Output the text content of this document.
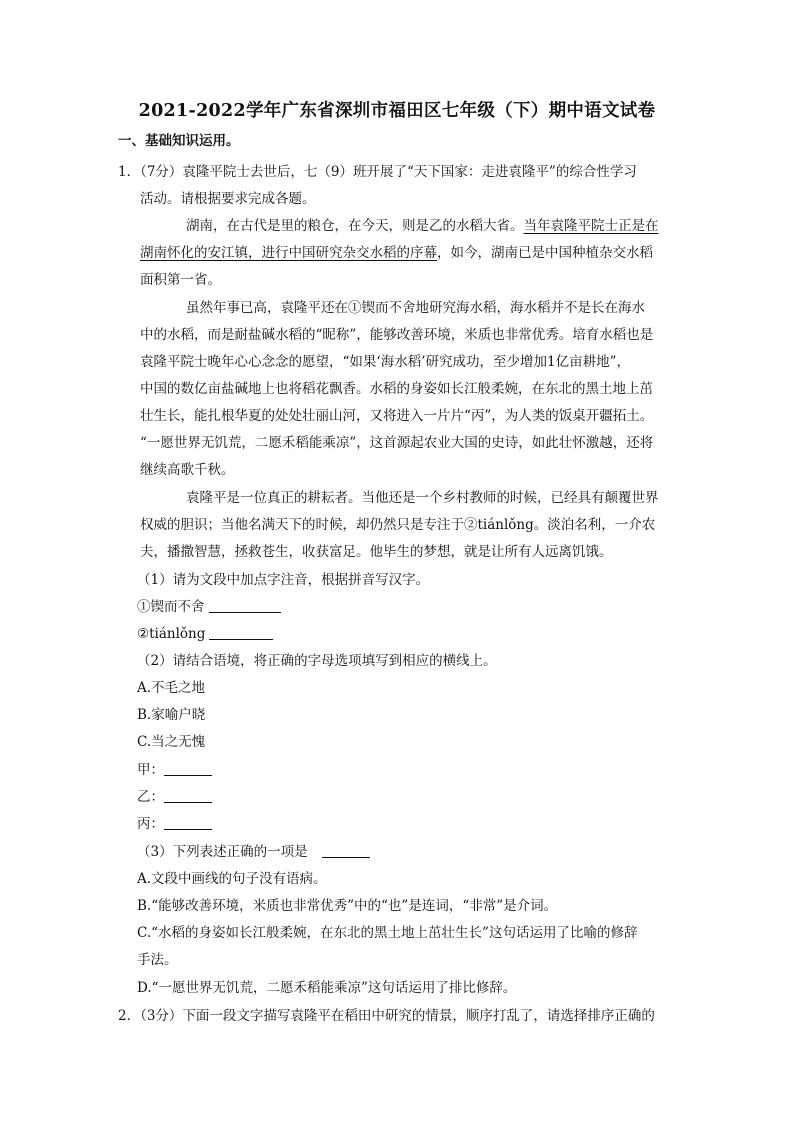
2021-2022学年广东省深圳市福田区七年级（下）期中语文试卷
一、基础知识运用。
1．（7分）袁隆平院士去世后，七（9）班开展了“天下国家：走进袁隆平”的综合性学习
活动。请根据要求完成各题。
湖南，在古代是里的粮仓，在今天，则是乙的水稻大省。当年袁隆平院士正是在
湖南怀化的安江镇，进行中国研究杂交水稻的序幕，如今，湖南已是中国种植杂交水稻
面积第一省。
虽然年事已高，袁隆平还在①锲而不舍地研究海水稻，海水稻并不是长在海水
中的水稻，而是耐盐碱水稻的“昵称”，能够改善环境，米质也非常优秀。培育水稻也是
袁隆平院士晚年心心念念的愿望，“如果‘海水稻’研究成功，至少增加1亿亩耕地”，
中国的数亿亩盐碱地上也将稻花飘香。水稻的身姿如长江般柔婉，在东北的黑土地上茁
壮生长，能扎根华夏的处处壮丽山河，又将进入一片片“丙”，为人类的饭桌开疆拓土。
“一愿世界无饥荒，二愿禾稻能乘凉”，这首源起农业大国的史诗，如此壮怀激越，还将
继续高歌千秋。
袁隆平是一位真正的耕耘者。当他还是一个乡村教师的时候，已经具有颠覆世界
权威的胆识；当他名满天下的时候，却仍然只是专注于②tiánlǒng。淡泊名利，一介农
夫，播撒智慧，拯救苍生，收获富足。他毕生的梦想，就是让所有人远离饥饿。
（1）请为文段中加点字注音，根据拼音写汉字。
①锲而不舍
②tiánlǒng
（2）请结合语境，将正确的字母选项填写到相应的横线上。
A.不毛之地
B.家喻户晓
C.当之无愧
甲：
乙：
丙：
（3）下列表述正确的一项是
A.文段中画线的句子没有语病。
B.“能够改善环境，米质也非常优秀”中的“也”是连词，“非常”是介词。
C.“水稻的身姿如长江般柔婉，在东北的黑土地上茁壮生长”这句话运用了比喻的修辞
手法。
D.“一愿世界无饥荒，二愿禾稻能乘凉”这句话运用了排比修辞。
2．（3分）下面一段文字描写袁隆平在稻田中研究的情景，顺序打乱了，请选择排序正确的
